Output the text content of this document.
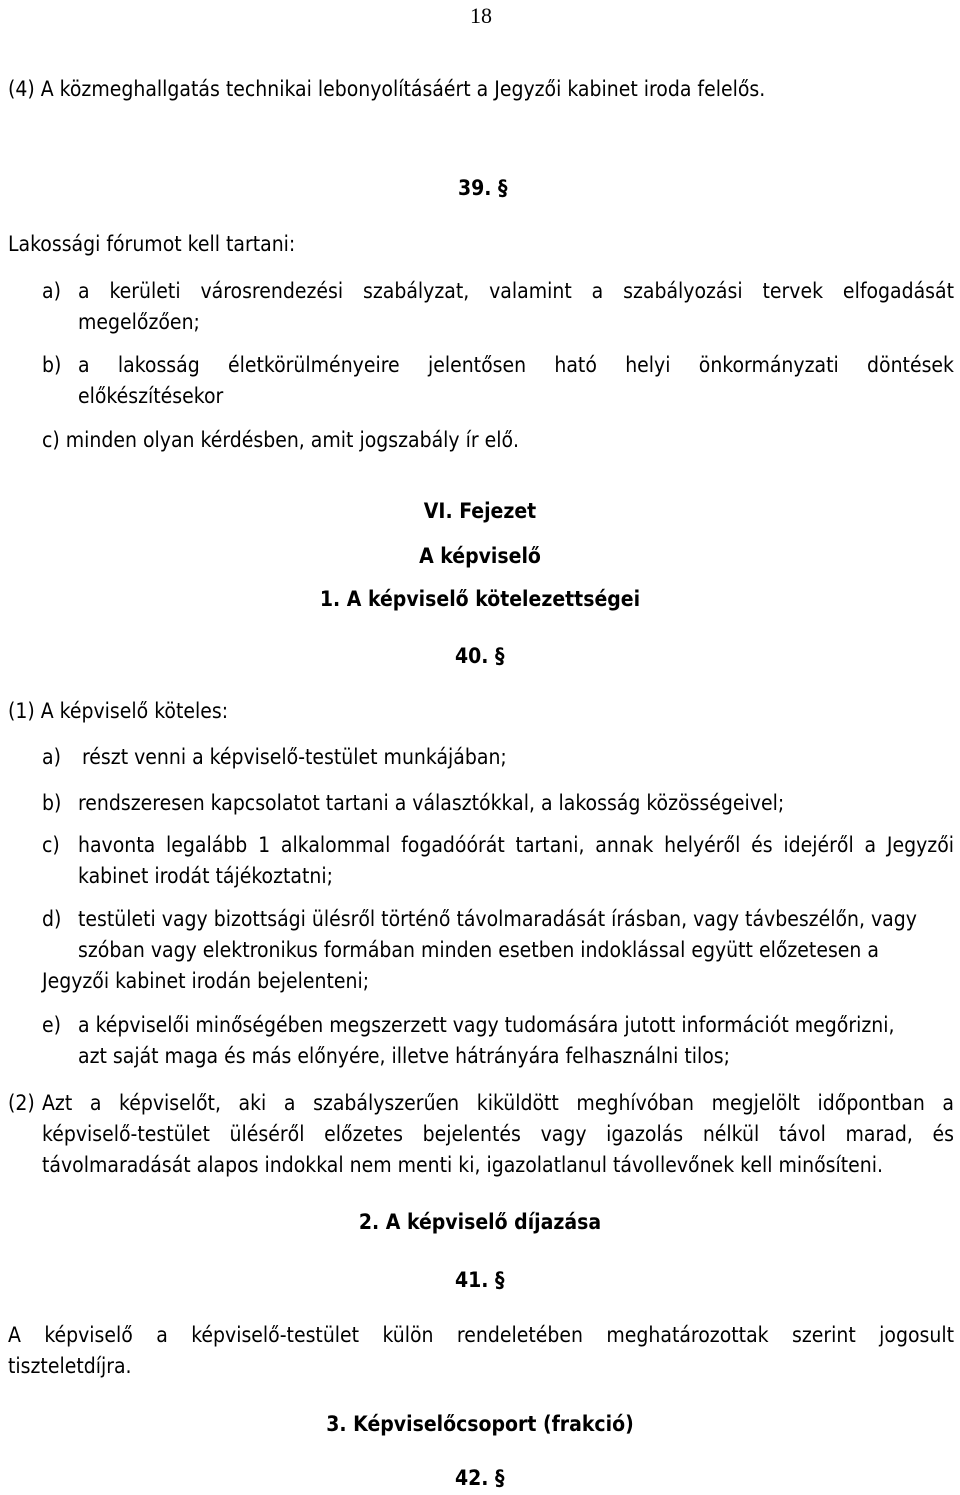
18
(4) A közmeghallgatás technikai lebonyolításáért a Jegyzői kabinet iroda felelős.
39. §
Lakossági fórumot kell tartani:
a) a kerületi városrendezési szabályzat, valamint a szabályozási tervek elfogadását
megelőzően;
b) a lakosság életkörülményeire jelentősen ható helyi önkormányzati döntések
előkészítésekor
c) minden olyan kérdésben, amit jogszabály ír elő.
VI. Fejezet
A képviselő
1. A képviselő kötelezettségei
40. §
(1) A képviselő köteles:
a) részt venni a képviselő-testület munkájában;
b) rendszeresen kapcsolatot tartani a választókkal, a lakosság közösségeivel;
c) havonta legalább 1 alkalommal fogadóórát tartani, annak helyéről és idejéről a Jegyzői
kabinet irodát tájékoztatni;
d) testületi vagy bizottsági ülésről történő távolmaradását írásban, vagy távbeszélőn, vagy
szóban vagy elektronikus formában minden esetben indoklással együtt előzetesen a
Jegyzői kabinet irodán bejelenteni;
e) a képviselői minőségében megszerzett vagy tudomására jutott információt megőrizni,
azt saját maga és más előnyére, illetve hátrányára felhasználni tilos;
(2) Azt a képviselőt, aki a szabályszerűen kiküldött meghívóban megjelölt időpontban a
képviselő-testület üléséről előzetes bejelentés vagy igazolás nélkül távol marad, és
távolmaradását alapos indokkal nem menti ki, igazolatlanul távollevőnek kell minősíteni.
2. A képviselő díjazása
41. §
A képviselő a képviselő-testület külön rendeletében meghatározottak szerint jogosult
tiszteletdíjra.
3. Képviselőcsoport (frakció)
42. §
